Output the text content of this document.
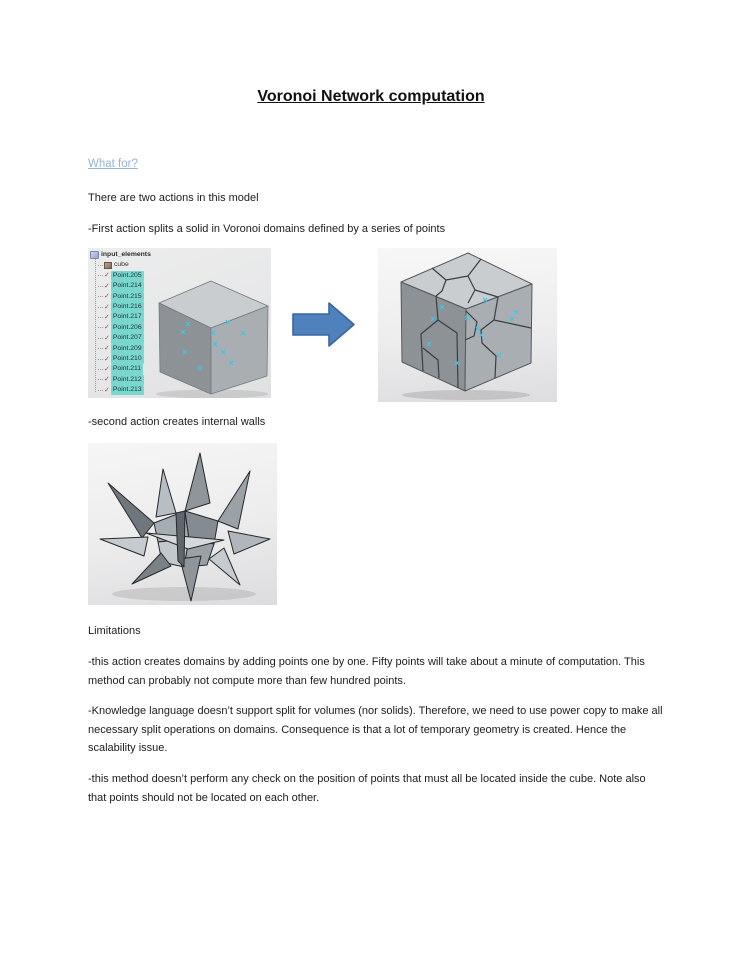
Voronoi Network computation
What for?
There are two actions in this model
-First action splits a solid in Voronoi domains defined by a series of points
input_elements
cube
✓ Point.205
✓ Point.214
✓ Point.215
✓ Point.216
✓ Point.217
✓ Point.206
✓ Point.207
✓ Point.209
✓ Point.210
✓ Point.211
✓ Point.212
✓ Point.213
-second action creates internal walls
Limitations
-this action creates domains by adding points one by one. Fifty points will take about a minute of computation. This method can probably not compute more than few hundred points.
-Knowledge language doesn’t support split for volumes (nor solids). Therefore, we need to use power copy to make all necessary split operations on domains. Consequence is that a lot of temporary geometry is created. Hence the scalability issue.
-this method doesn’t perform any check on the position of points that must all be located inside the cube. Note also that points should not be located on each other.
